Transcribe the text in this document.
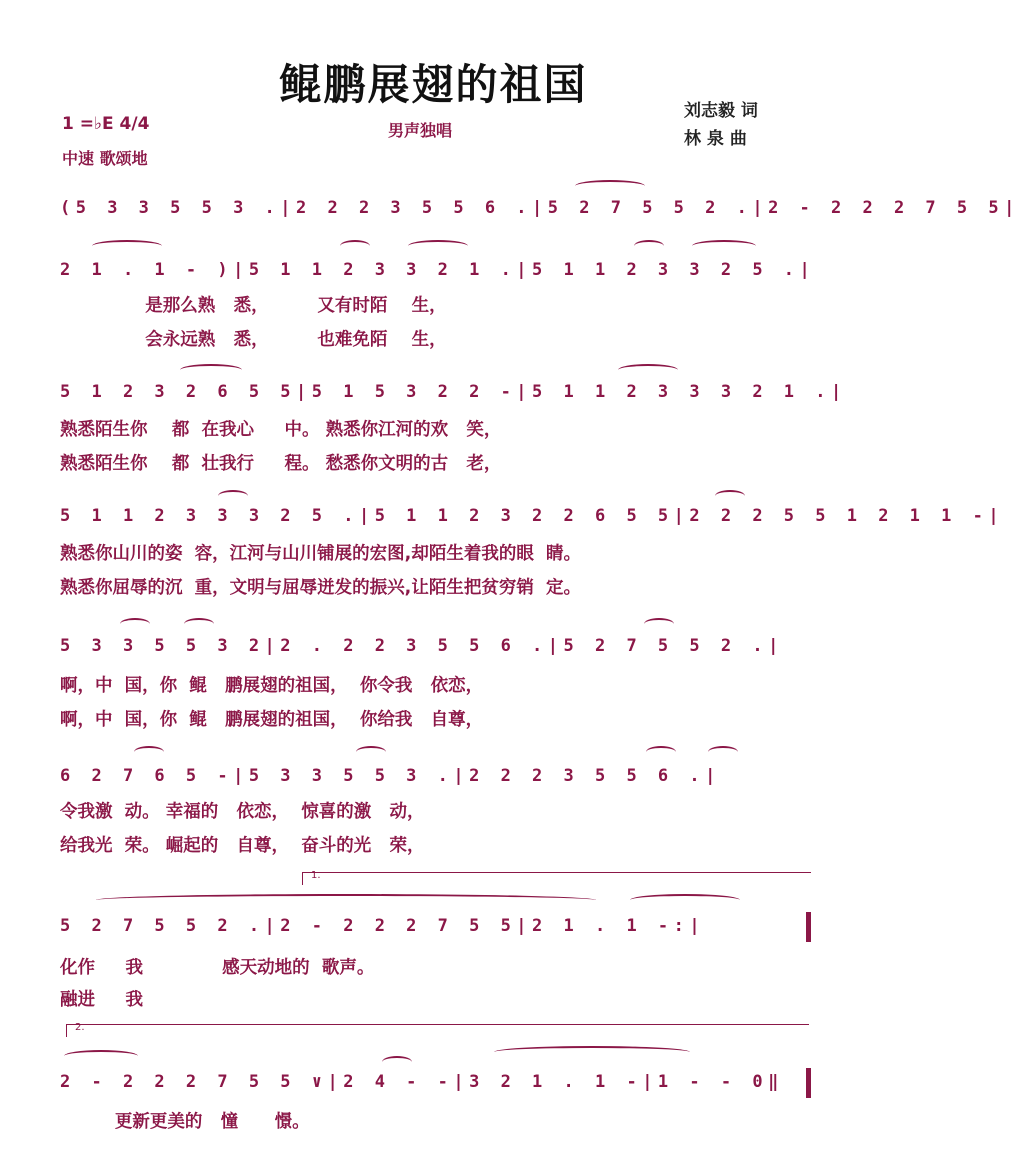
鲲鹏展翅的祖国
1 =♭E 4/4
中速 歌颂地
男声独唱
刘志毅 词
林 泉 曲
(5 3 3 5 5 3 .|2 2 2 3 5 5 6 .|5 2 7 5 5 2 .|2 - 2 2 2 7 5 5|
2 1 . 1 - )|5 1 1 2 3 3 2 1 .|5 1 1 2 3 3 2 5 .|
是那么熟   悉，        又有时陌    生，
会永远熟   悉，        也难免陌    生，
5 1 2 3 2 6 5 5|5 1 5 3 2 2 -|5 1 1 2 3 3 3 2 1 .|
熟悉陌生你    都  在我心     中。 熟悉你江河的欢   笑，
熟悉陌生你    都  壮我行     程。 愁悉你文明的古   老，
5 1 1 2 3 3 3 2 5 .|5 1 1 2 3 2 2 6 5 5|2 2 2 5 5 1 2 1 1 -|
熟悉你山川的姿  容，江河与山川铺展的宏图,却陌生着我的眼  睛。
熟悉你屈辱的沉  重，文明与屈辱迸发的振兴,让陌生把贫穷销  定。
5 3 3 5 5 3 2|2 . 2 2 3 5 5 6 .|5 2 7 5 5 2 .|
啊，中  国，你  鲲   鹏展翅的祖国，  你令我   依恋，
啊，中  国，你  鲲   鹏展翅的祖国，  你给我   自尊，
6 2 7 6 5 -|5 3 3 5 5 3 .|2 2 2 3 5 5 6 .|
令我激  动。 幸福的   依恋，  惊喜的激   动，
给我光  荣。 崛起的   自尊，  奋斗的光   荣，
1.
5 2 7 5 5 2 .|2 - 2 2 2 7 5 5|2 1 . 1 -:|
化作     我             感天动地的  歌声。
融进     我
2.
2 - 2 2 2 7 5 5 ∨|2 4 - -|3 2 1 . 1 -|1 - - 0‖
更新更美的   憧      憬。
